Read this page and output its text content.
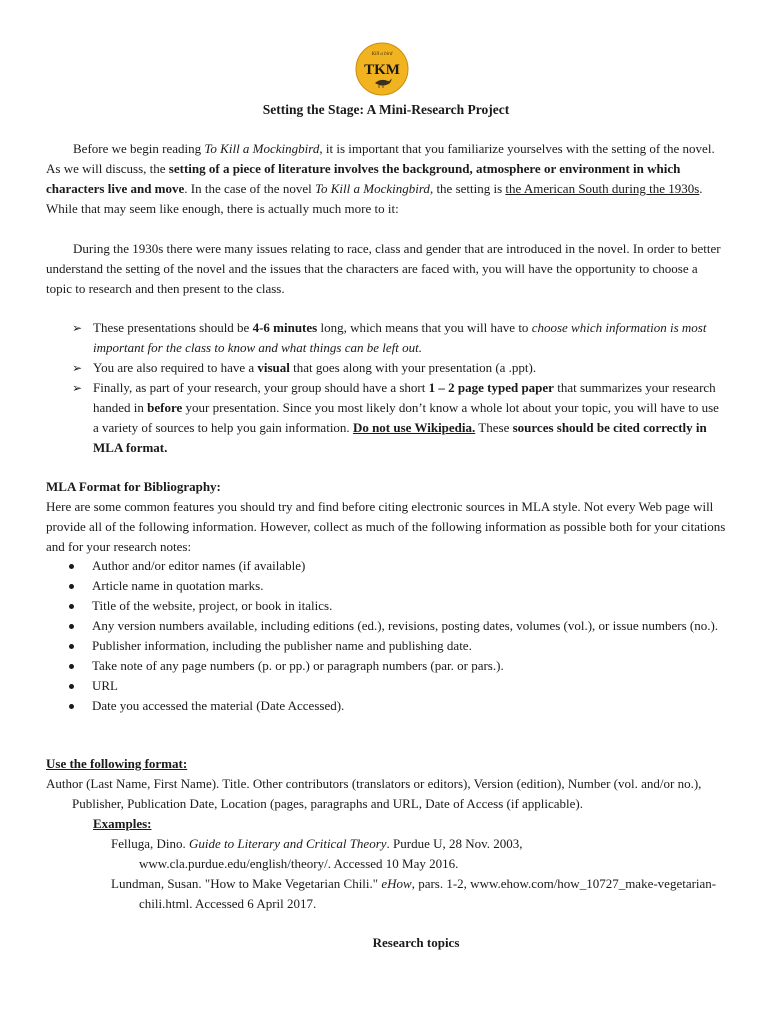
Kill a bird
TKM
Setting the Stage: A Mini-Research Project

Before we begin reading To Kill a Mockingbird, it is important that you familiarize yourselves with the setting of the novel. As we will discuss, the setting of a piece of literature involves the background, atmosphere or environment in which characters live and move. In the case of the novel To Kill a Mockingbird, the setting is the American South during the 1930s. While that may seem like enough, there is actually much more to it:

During the 1930s there were many issues relating to race, class and gender that are introduced in the novel. In order to better understand the setting of the novel and the issues that the characters are faced with, you will have the opportunity to choose a topic to research and then present to the class.

➢ These presentations should be 4-6 minutes long, which means that you will have to choose which information is most important for the class to know and what things can be left out.
➢ You are also required to have a visual that goes along with your presentation (a .ppt).
➢ Finally, as part of your research, your group should have a short 1 – 2 page typed paper that summarizes your research handed in before your presentation. Since you most likely don’t know a whole lot about your topic, you will have to use a variety of sources to help you gain information. Do not use Wikipedia. These sources should be cited correctly in MLA format.
MLA Format for Bibliography:

Here are some common features you should try and find before citing electronic sources in MLA style. Not every Web page will provide all of the following information. However, collect as much of the following information as possible both for your citations and for your research notes:

Author and/or editor names (if available)
Article name in quotation marks.
Title of the website, project, or book in italics.
Any version numbers available, including editions (ed.), revisions, posting dates, volumes (vol.), or issue numbers (no.).
Publisher information, including the publisher name and publishing date.
Take note of any page numbers (p. or pp.) or paragraph numbers (par. or pars.).
URL
Date you accessed the material (Date Accessed).
Use the following format:

Author (Last Name, First Name). Title. Other contributors (translators or editors), Version (edition), Number (vol. and/or no.), Publisher, Publication Date, Location (pages, paragraphs and URL, Date of Access (if applicable).

Examples:

Felluga, Dino. Guide to Literary and Critical Theory. Purdue U, 28 Nov. 2003, www.cla.purdue.edu/english/theory/. Accessed 10 May 2016.

Lundman, Susan. "How to Make Vegetarian Chili." eHow, pars. 1-2, www.ehow.com/how_10727_make-vegetarian-chili.html. Accessed 6 April 2017.

Research topics
